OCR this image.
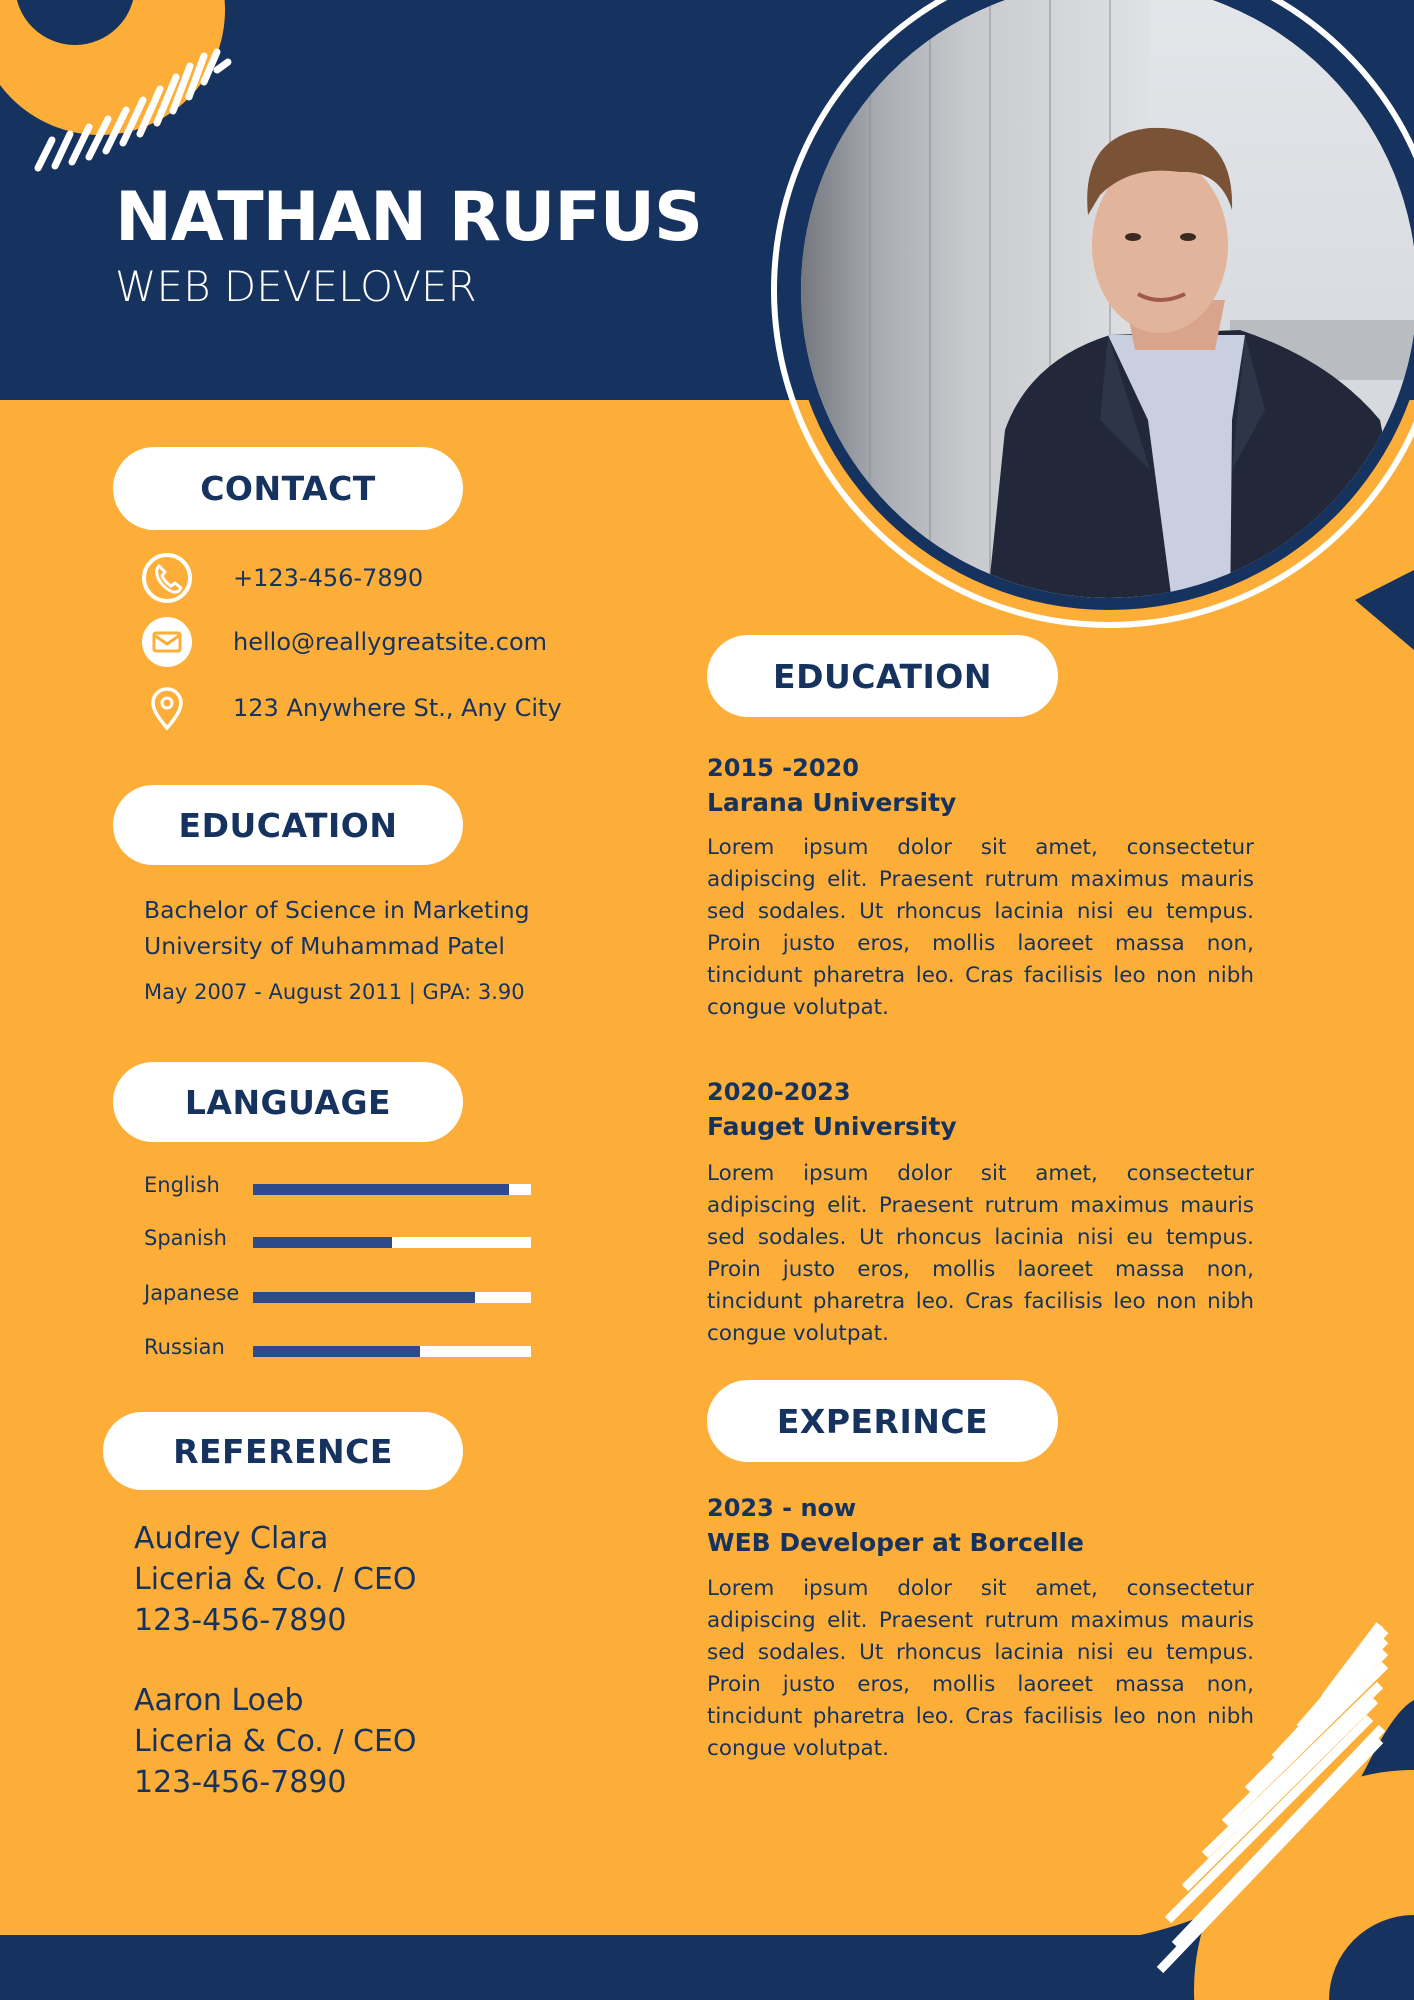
NATHAN RUFUS
WEB DEVELOVER
CONTACT
+123-456-7890
hello@reallygreatsite.com
123 Anywhere St., Any City
EDUCATION
Bachelor of Science in Marketing
University of Muhammad Patel
May 2007 - August 2011 | GPA: 3.90
LANGUAGE
English
Spanish
Japanese
Russian
REFERENCE
Audrey Clara
Liceria & Co. / CEO
123-456-7890
Aaron Loeb
Liceria & Co. / CEO
123-456-7890
EDUCATION
2015 -2020
Larana University
Lorem ipsum dolor sit amet, consectetur adipiscing elit. Praesent rutrum maximus mauris sed sodales. Ut rhoncus lacinia nisi eu tempus. Proin justo eros, mollis laoreet massa non, tincidunt pharetra leo. Cras facilisis leo non nibh congue volutpat.
2020-2023
Fauget University
Lorem ipsum dolor sit amet, consectetur adipiscing elit. Praesent rutrum maximus mauris sed sodales. Ut rhoncus lacinia nisi eu tempus. Proin justo eros, mollis laoreet massa non, tincidunt pharetra leo. Cras facilisis leo non nibh congue volutpat.
EXPERINCE
2023 - now
WEB Developer at Borcelle
Lorem ipsum dolor sit amet, consectetur adipiscing elit. Praesent rutrum maximus mauris sed sodales. Ut rhoncus lacinia nisi eu tempus. Proin justo eros, mollis laoreet massa non, tincidunt pharetra leo. Cras facilisis leo non nibh congue volutpat.
